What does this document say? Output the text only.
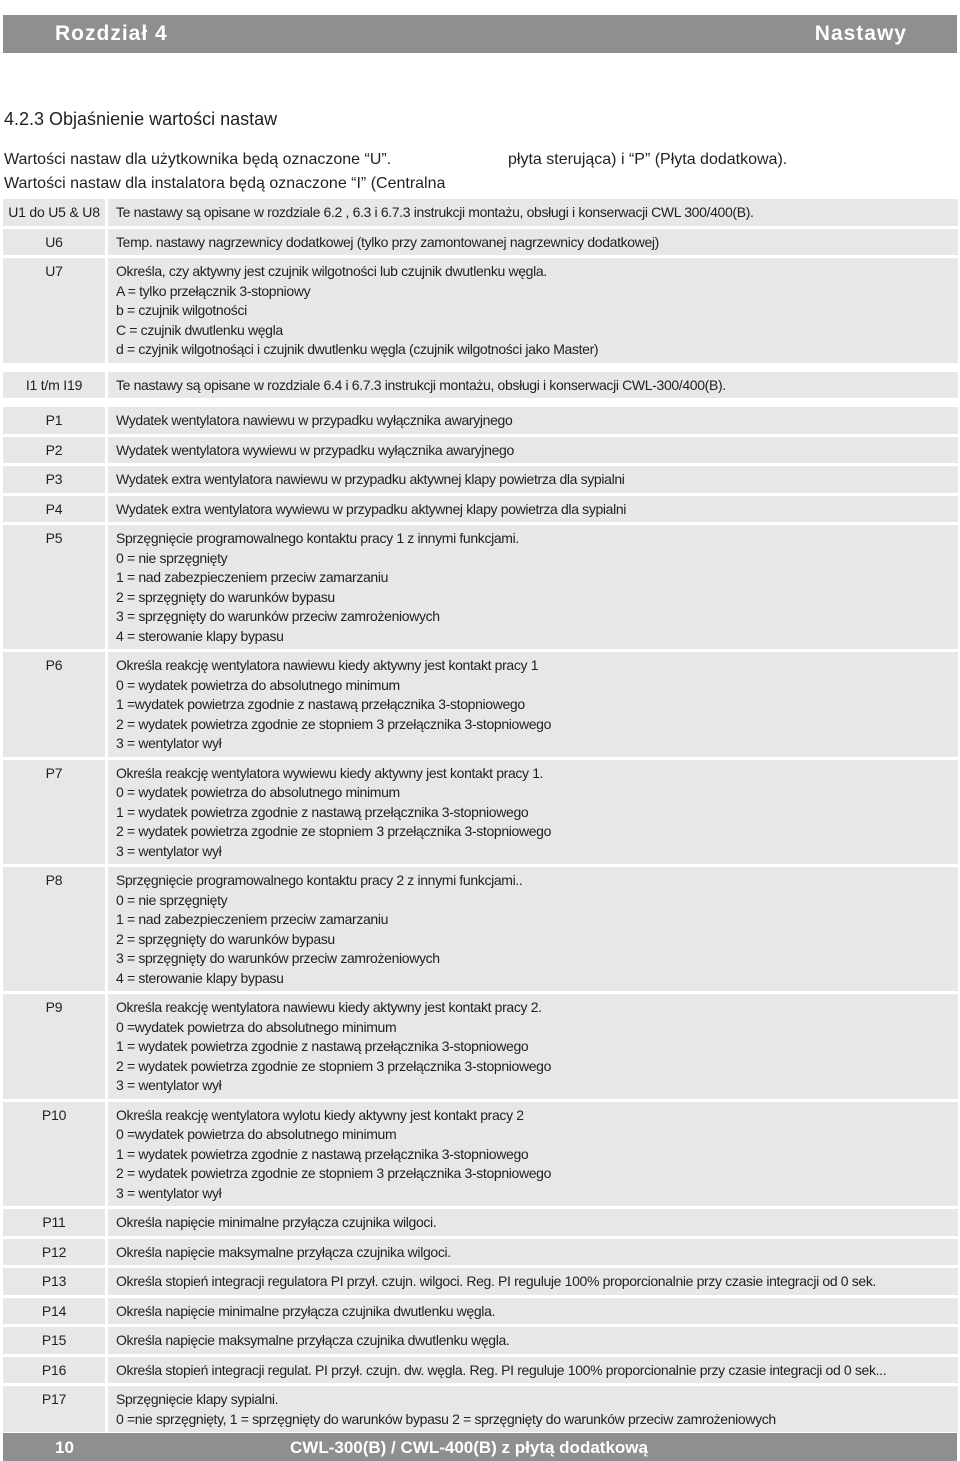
Rozdział 4	Nastawy
4.2.3 Objaśnienie wartości nastaw
Wartości nastaw dla użytkownika będą oznaczone “U”.
Wartości nastaw dla instalatora będą oznaczone “I” (Centralna
płyta sterująca) i “P” (Płyta dodatkowa).
U1 do U5 & U8	Te nastawy są opisane w rozdziale 6.2 , 6.3 i 6.7.3 instrukcji montażu, obsługi i konserwacji CWL 300/400(B).
U6	Temp. nastawy nagrzewnicy dodatkowej (tylko przy zamontowanej nagrzewnicy dodatkowej)
U7	Określa, czy aktywny jest czujnik wilgotności lub czujnik dwutlenku węgla.
A = tylko przełącznik 3-stopniowy
b = czujnik wilgotności
C = czujnik dwutlenku węgla
d = czyjnik wilgotnośąci i czujnik dwutlenku węgla (czujnik wilgotności jako Master)
I1 t/m I19	Te nastawy są opisane w rozdziale 6.4 i 6.7.3 instrukcji montażu, obsługi i konserwacji CWL-300/400(B).
P1	Wydatek wentylatora nawiewu w przypadku wyłącznika awaryjnego
P2	Wydatek wentylatora wywiewu w przypadku wyłącznika awaryjnego
P3	Wydatek extra wentylatora nawiewu w przypadku aktywnej klapy powietrza dla sypialni
P4	Wydatek extra wentylatora wywiewu w przypadku aktywnej klapy powietrza dla sypialni
P5	Sprzęgnięcie programowalnego kontaktu pracy 1 z innymi funkcjami.
0 = nie sprzęgnięty
1 = nad zabezpieczeniem przeciw zamarzaniu
2 = sprzęgnięty do warunków bypasu
3 = sprzęgnięty do warunków przeciw zamrożeniowych
4 = sterowanie klapy bypasu
P6	Określa reakcję wentylatora nawiewu kiedy aktywny jest kontakt pracy 1
0 = wydatek powietrza do absolutnego minimum
1 =wydatek powietrza zgodnie z nastawą przełącznika 3-stopniowego
2 = wydatek powietrza zgodnie ze stopniem 3 przełącznika 3-stopniowego
3 = wentylator wył
P7	Określa reakcję wentylatora wywiewu kiedy aktywny jest kontakt pracy 1.
0 = wydatek powietrza do absolutnego minimum
1 = wydatek powietrza zgodnie z nastawą przełącznika 3-stopniowego
2 = wydatek powietrza zgodnie ze stopniem 3 przełącznika 3-stopniowego
3 = wentylator wył
P8	Sprzęgnięcie programowalnego kontaktu pracy 2 z innymi funkcjami..
0 = nie sprzęgnięty
1 = nad zabezpieczeniem przeciw zamarzaniu
2 = sprzęgnięty do warunków bypasu
3 = sprzęgnięty do warunków przeciw zamrożeniowych
4 = sterowanie klapy bypasu
P9	Określa reakcję wentylatora nawiewu kiedy aktywny jest kontakt pracy 2.
0 =wydatek powietrza do absolutnego minimum
1 = wydatek powietrza zgodnie z nastawą przełącznika 3-stopniowego
2 = wydatek powietrza zgodnie ze stopniem 3 przełącznika 3-stopniowego
3 = wentylator wył
P10	Określa reakcję wentylatora wylotu kiedy aktywny jest kontakt pracy 2
0 =wydatek powietrza do absolutnego minimum
1 = wydatek powietrza zgodnie z nastawą przełącznika 3-stopniowego
2 = wydatek powietrza zgodnie ze stopniem 3 przełącznika 3-stopniowego
3 = wentylator wył
P11	Określa napięcie minimalne przyłącza czujnika wilgoci.
P12	Określa napięcie maksymalne przyłącza czujnika wilgoci.
P13	Określa stopień integracji regulatora PI przył. czujn. wilgoci. Reg. PI reguluje 100% proporcionalnie przy czasie integracji od 0 sek.
P14	Określa napięcie minimalne przyłącza czujnika dwutlenku węgla.
P15	Określa napięcie maksymalne przyłącza czujnika dwutlenku węgla.
P16	Określa stopień integracji regulat. PI przył. czujn. dw. węgla. Reg. PI reguluje 100% proporcionalnie przy czasie integracji od 0 sek...
P17	Sprzęgnięcie klapy sypialni.
0 =nie sprzęgnięty, 1 = sprzęgnięty do warunków bypasu 2 = sprzęgnięty do warunków przeciw zamrożeniowych
10	CWL-300(B) / CWL-400(B) z płytą dodatkową
